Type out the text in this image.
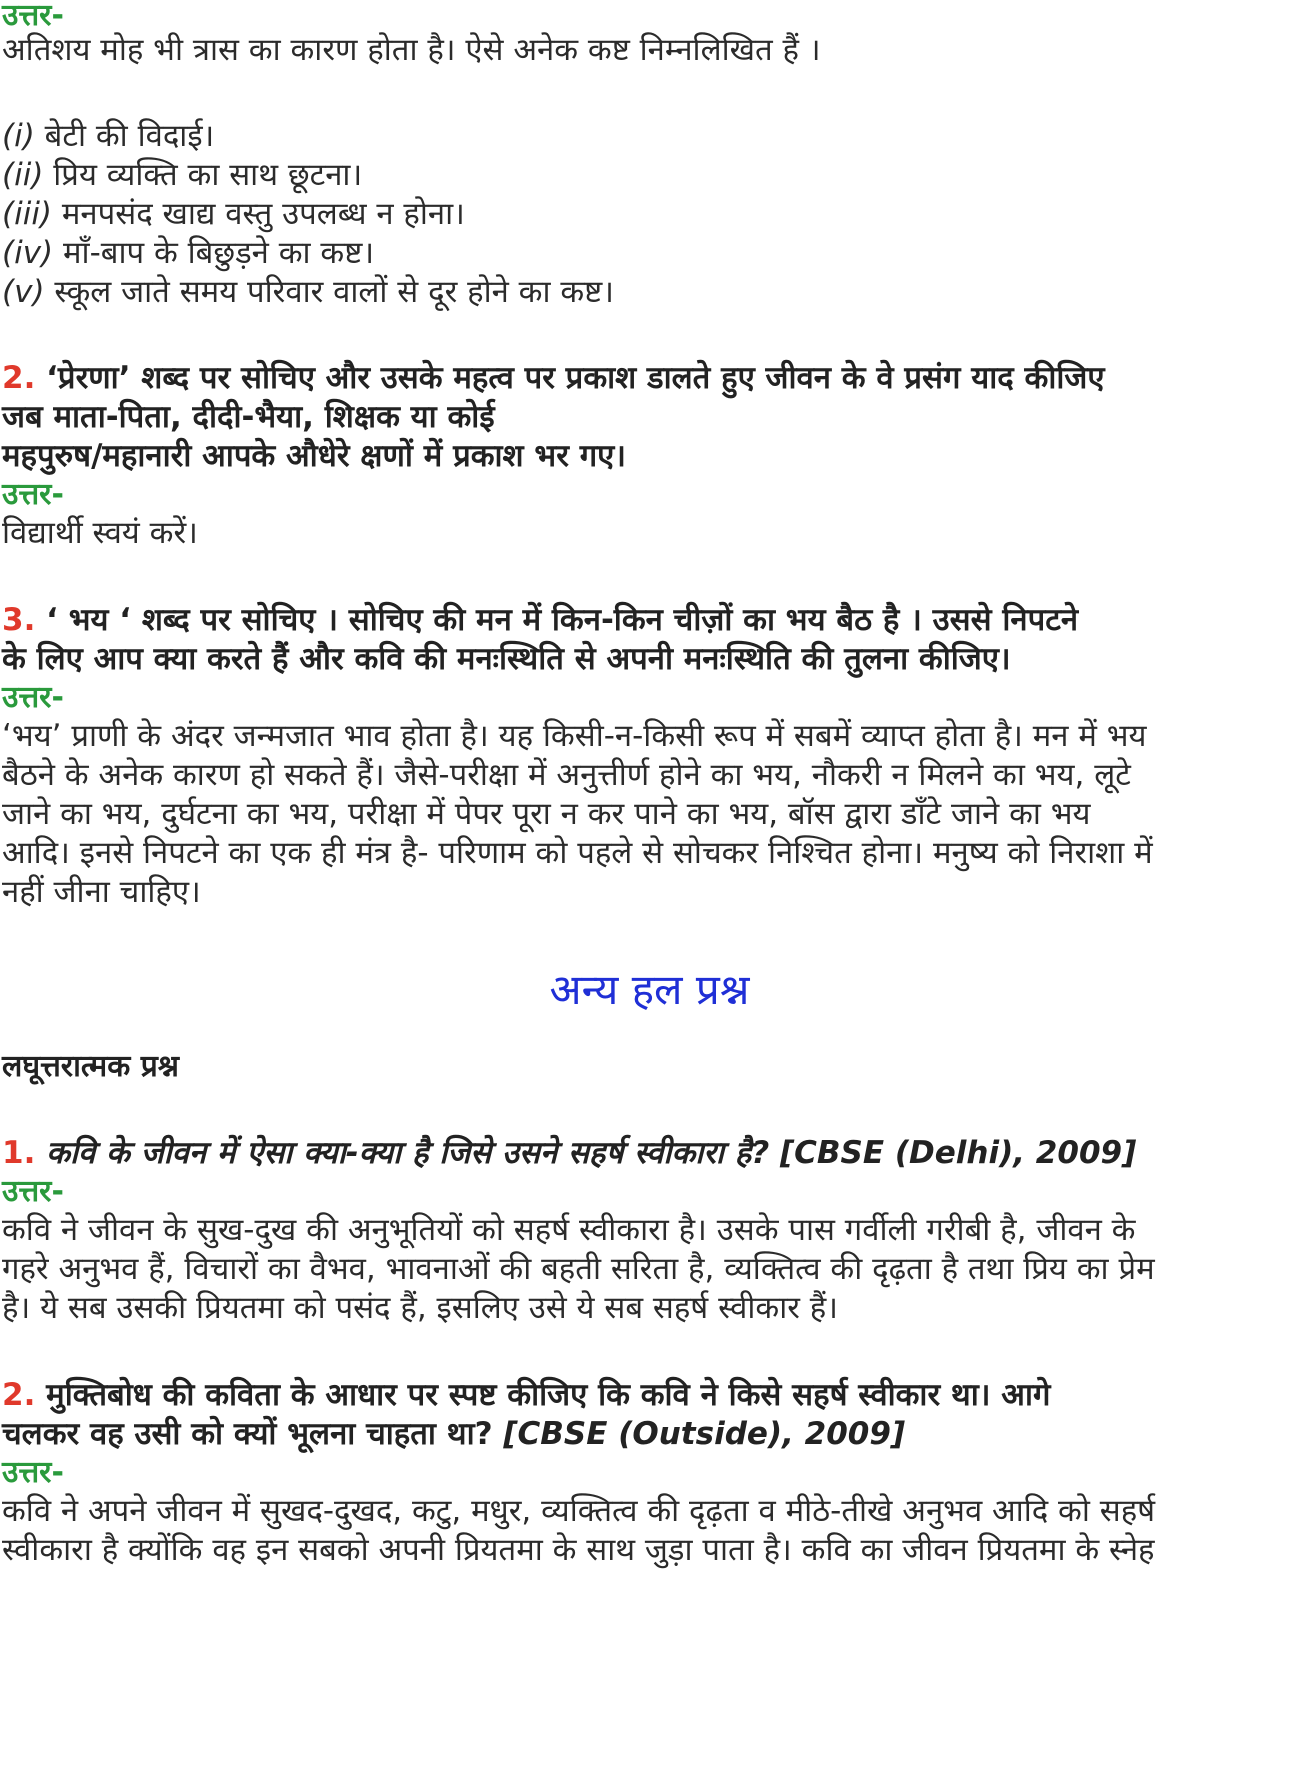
उत्तर-
अतिशय मोह भी त्रास का कारण होता है। ऐसे अनेक कष्ट निम्नलिखित हैं ।
(i) बेटी की विदाई।
(ii) प्रिय व्यक्ति का साथ छूटना।
(iii) मनपसंद खाद्य वस्तु उपलब्ध न होना।
(iv) माँ-बाप के बिछुड़ने का कष्ट।
(v) स्कूल जाते समय परिवार वालों से दूर होने का कष्ट।
2. ‘प्रेरणा’ शब्द पर सोचिए और उसके महत्व पर प्रकाश डालते हुए जीवन के वे प्रसंग याद कीजिए
जब माता-पिता, दीदी-भैया, शिक्षक या कोई
महपुरुष/महानारी आपके औधेरे क्षणों में प्रकाश भर गए।
उत्तर-
विद्यार्थी स्वयं करें।
3. ‘ भय ‘ शब्द पर सोचिए । सोचिए की मन में किन-किन चीज़ों का भय बैठ है । उससे निपटने
के लिए आप क्या करते हैं और कवि की मनःस्थिति से अपनी मनःस्थिति की तुलना कीजिए।
उत्तर-
‘भय’ प्राणी के अंदर जन्मजात भाव होता है। यह किसी-न-किसी रूप में सबमें व्याप्त होता है। मन में भय
बैठने के अनेक कारण हो सकते हैं। जैसे-परीक्षा में अनुत्तीर्ण होने का भय, नौकरी न मिलने का भय, लूटे
जाने का भय, दुर्घटना का भय, परीक्षा में पेपर पूरा न कर पाने का भय, बॉस द्वारा डाँटे जाने का भय
आदि। इनसे निपटने का एक ही मंत्र है- परिणाम को पहले से सोचकर निश्चित होना। मनुष्य को निराशा में
नहीं जीना चाहिए।
अन्य हल प्रश्न
लघूत्तरात्मक प्रश्न
1. कवि के जीवन में ऐसा क्या-क्या है जिसे उसने सहर्ष स्वीकारा है? [CBSE (Delhi), 2009]
उत्तर-
कवि ने जीवन के सुख-दुख की अनुभूतियों को सहर्ष स्वीकारा है। उसके पास गर्वीली गरीबी है, जीवन के
गहरे अनुभव हैं, विचारों का वैभव, भावनाओं की बहती सरिता है, व्यक्तित्व की दृढ़ता है तथा प्रिय का प्रेम
है। ये सब उसकी प्रियतमा को पसंद हैं, इसलिए उसे ये सब सहर्ष स्वीकार हैं।
2. मुक्तिबोध की कविता के आधार पर स्पष्ट कीजिए कि कवि ने किसे सहर्ष स्वीकार था। आगे
चलकर वह उसी को क्यों भूलना चाहता था? [CBSE (Outside), 2009]
उत्तर-
कवि ने अपने जीवन में सुखद-दुखद, कटु, मधुर, व्यक्तित्व की दृढ़ता व मीठे-तीखे अनुभव आदि को सहर्ष
स्वीकारा है क्योंकि वह इन सबको अपनी प्रियतमा के साथ जुड़ा पाता है। कवि का जीवन प्रियतमा के स्नेह
